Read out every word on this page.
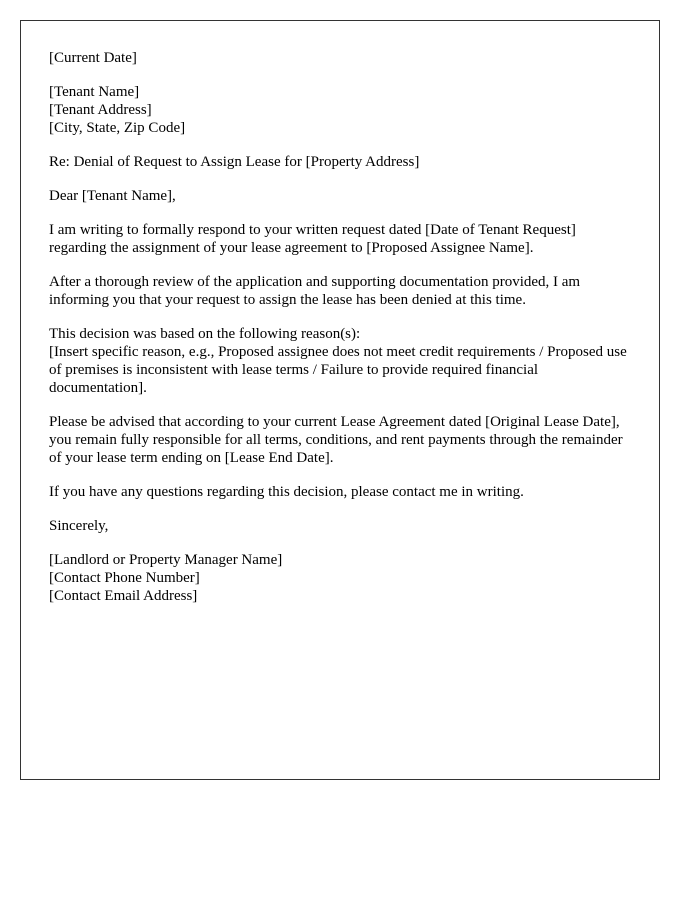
[Current Date]
[Tenant Name]
[Tenant Address]
[City, State, Zip Code]
Re: Denial of Request to Assign Lease for [Property Address]
Dear [Tenant Name],
I am writing to formally respond to your written request dated [Date of Tenant Request] regarding the assignment of your lease agreement to [Proposed Assignee Name].
After a thorough review of the application and supporting documentation provided, I am informing you that your request to assign the lease has been denied at this time.
This decision was based on the following reason(s):
[Insert specific reason, e.g., Proposed assignee does not meet credit requirements / Proposed use of premises is inconsistent with lease terms / Failure to provide required financial documentation].
Please be advised that according to your current Lease Agreement dated [Original Lease Date], you remain fully responsible for all terms, conditions, and rent payments through the remainder of your lease term ending on [Lease End Date].
If you have any questions regarding this decision, please contact me in writing.
Sincerely,
[Landlord or Property Manager Name]
[Contact Phone Number]
[Contact Email Address]
